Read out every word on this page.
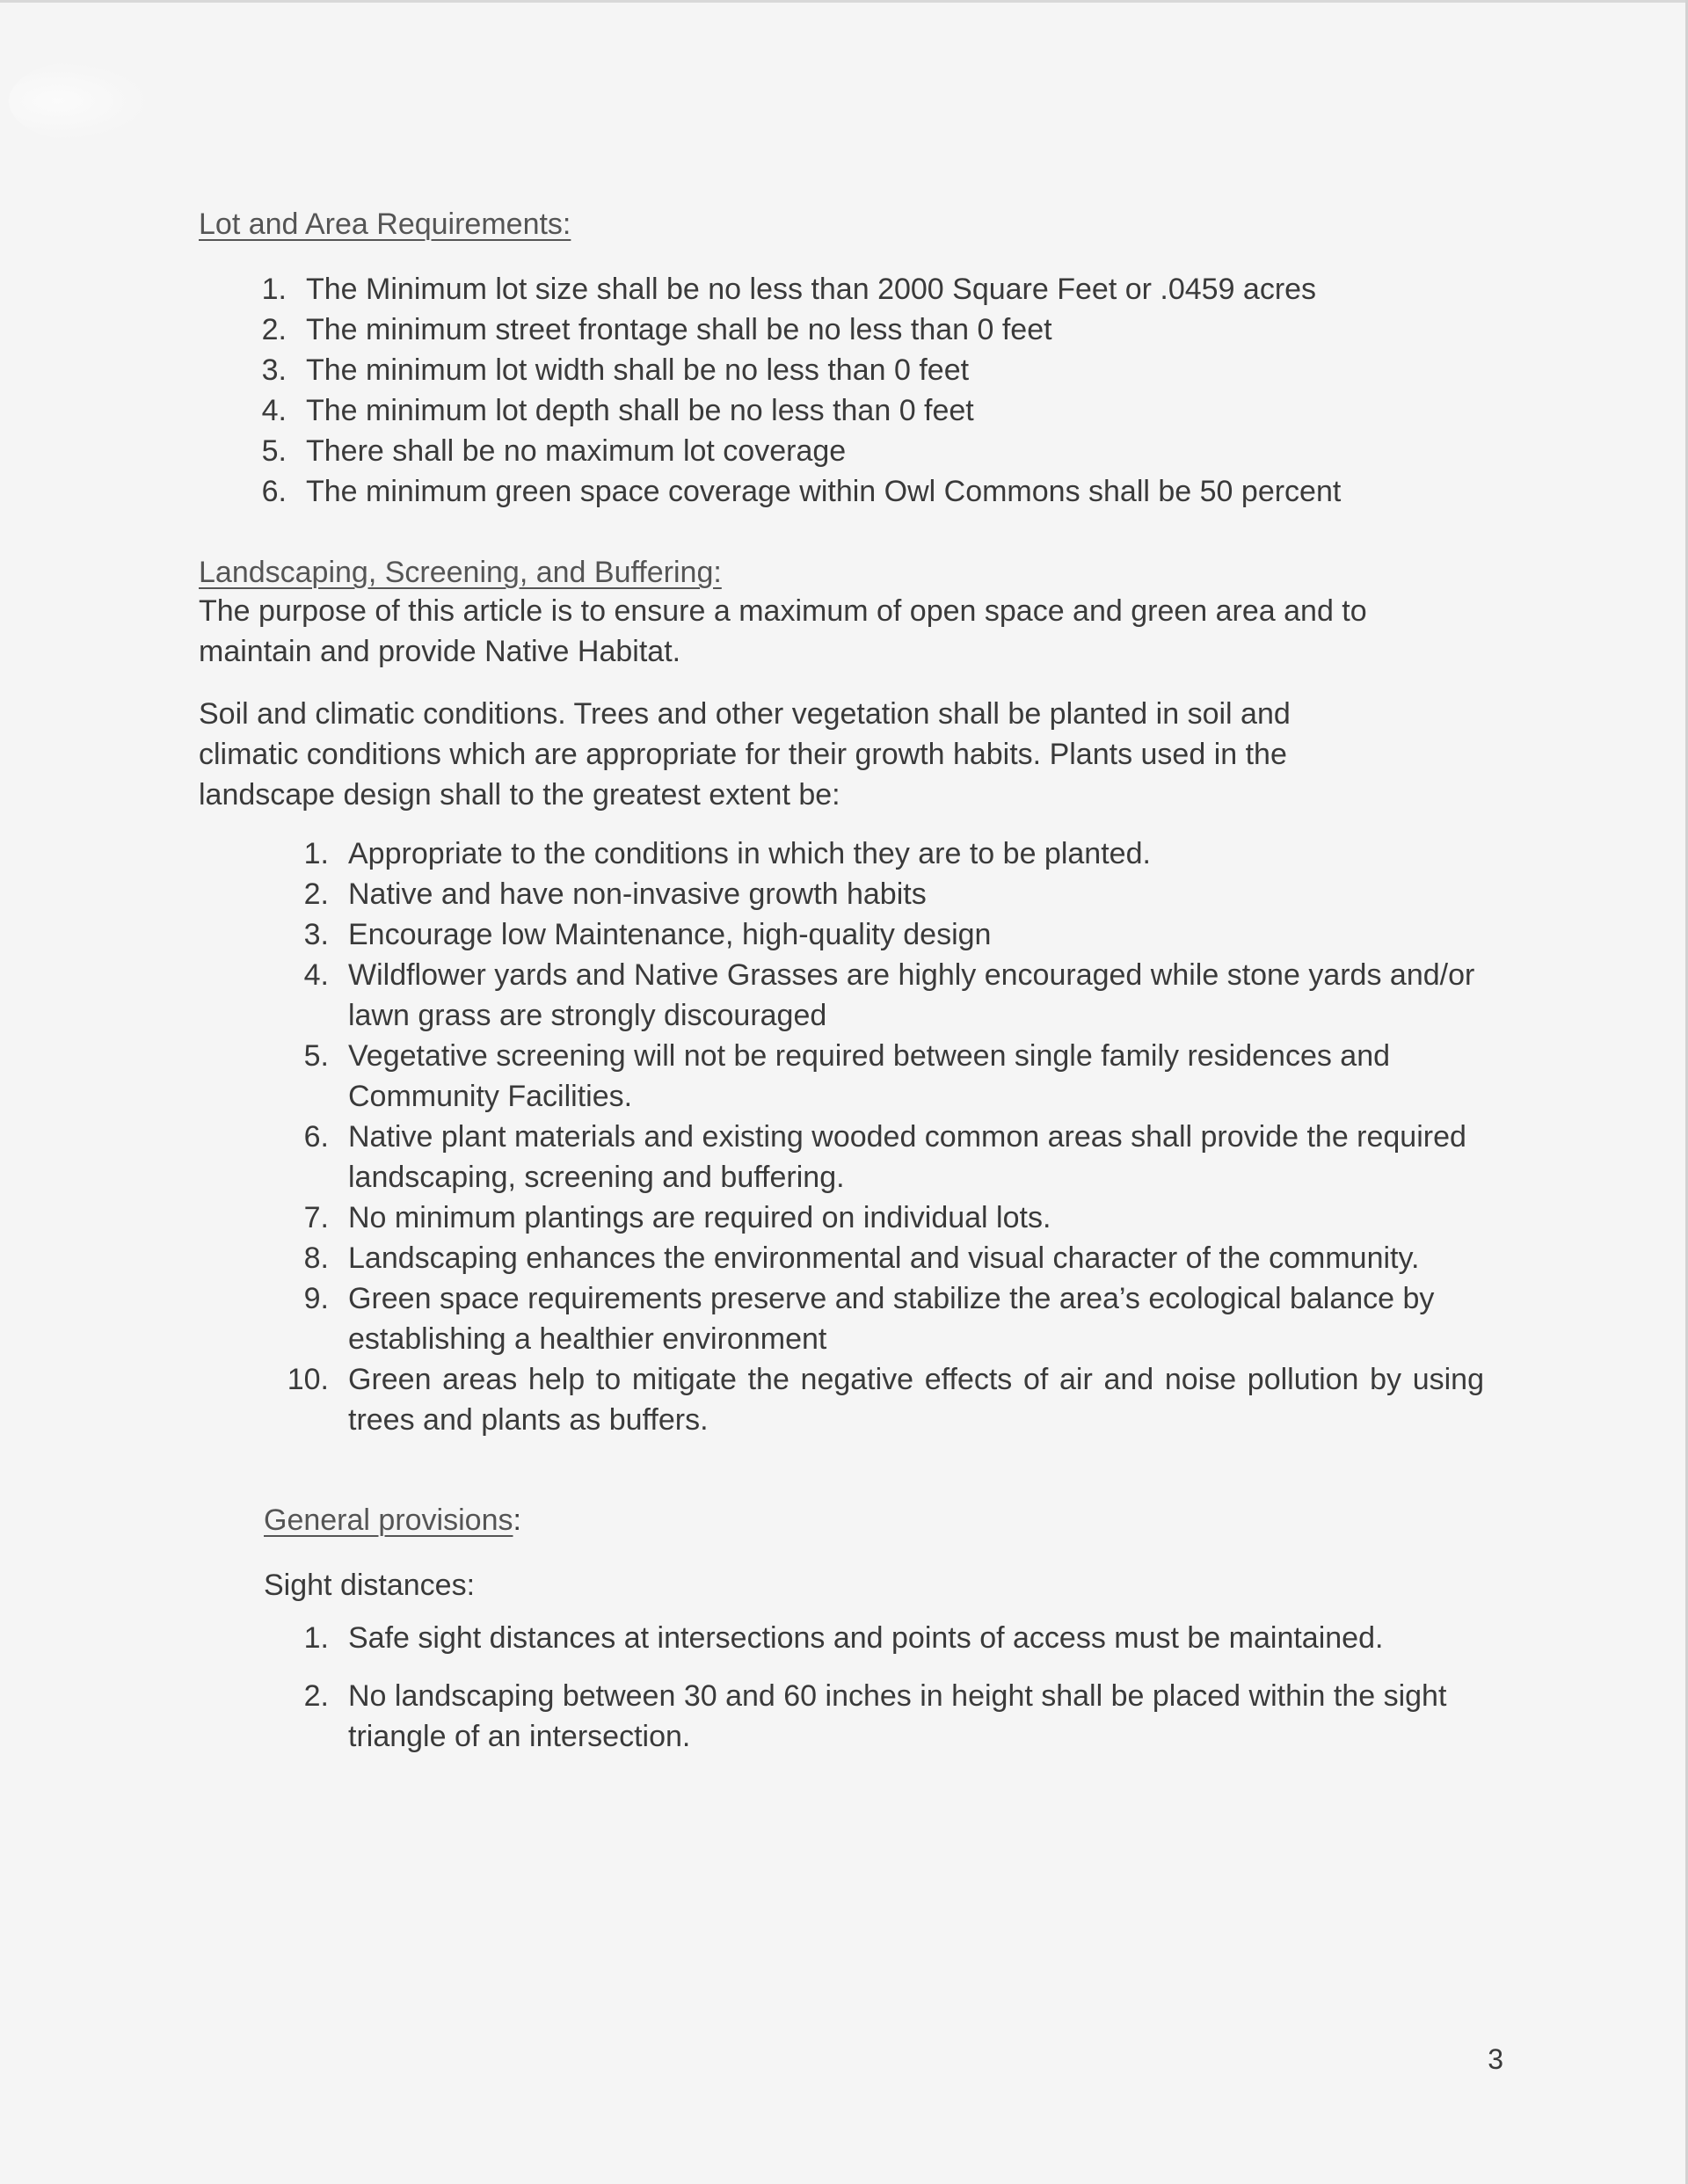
Lot and Area Requirements:
1. The Minimum lot size shall be no less than 2000 Square Feet or .0459 acres
2. The minimum street frontage shall be no less than 0 feet
3. The minimum lot width shall be no less than 0 feet
4. The minimum lot depth shall be no less than 0 feet
5. There shall be no maximum lot coverage
6. The minimum green space coverage within Owl Commons shall be 50 percent
Landscaping, Screening, and Buffering:

The purpose of this article is to ensure a maximum of open space and green area and to

maintain and provide Native Habitat.

Soil and climatic conditions. Trees and other vegetation shall be planted in soil and

climatic conditions which are appropriate for their growth habits. Plants used in the

landscape design shall to the greatest extent be:

1. Appropriate to the conditions in which they are to be planted.
2. Native and have non-invasive growth habits
3. Encourage low Maintenance, high-quality design
4. Wildflower yards and Native Grasses are highly encouraged while stone yards and/or lawn grass are strongly discouraged
5. Vegetative screening will not be required between single family residences and Community Facilities.
6. Native plant materials and existing wooded common areas shall provide the required landscaping, screening and buffering.
7. No minimum plantings are required on individual lots.
8. Landscaping enhances the environmental and visual character of the community.
9. Green space requirements preserve and stabilize the area’s ecological balance by establishing a healthier environment
10. Green areas help to mitigate the negative effects of air and noise pollution by using trees and plants as buffers.
General provisions:
Sight distances:
1. Safe sight distances at intersections and points of access must be maintained.
2. No landscaping between 30 and 60 inches in height shall be placed within the sight triangle of an intersection.
3
